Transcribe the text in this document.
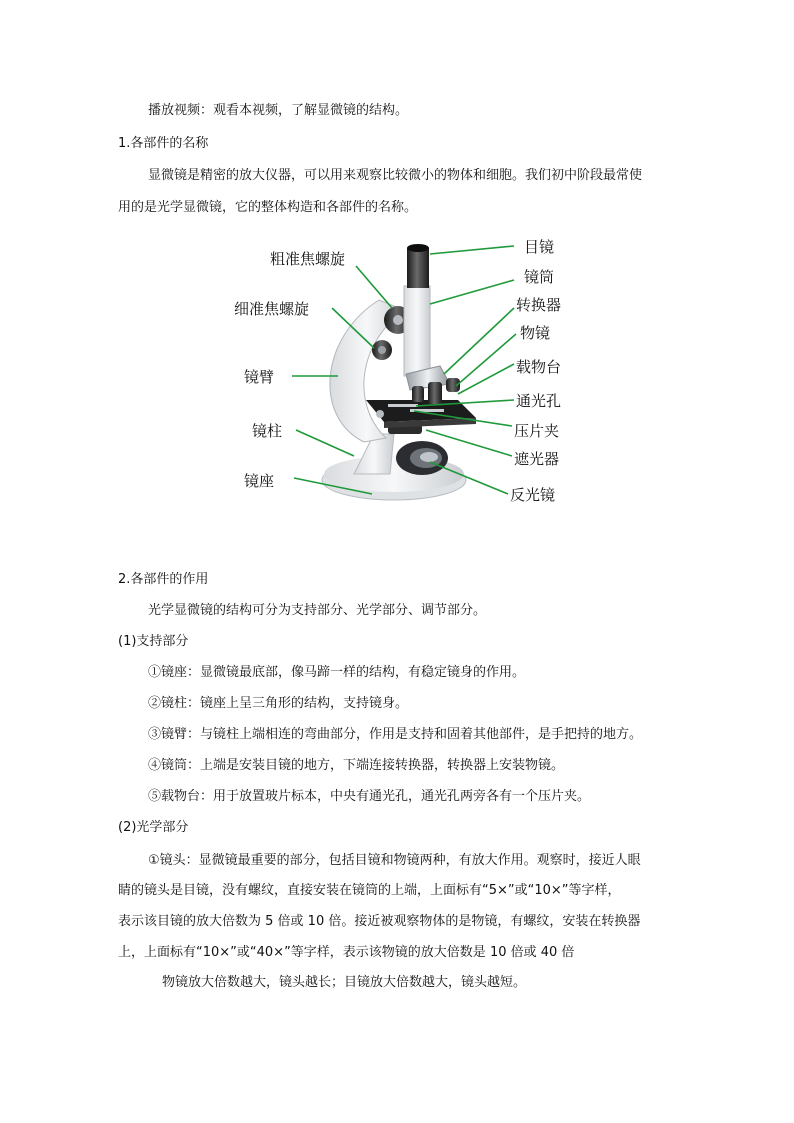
播放视频：观看本视频，了解显微镜的结构。
1.各部件的名称
显微镜是精密的放大仪器，可以用来观察比较微小的物体和细胞。我们初中阶段最常使
用的是光学显微镜，它的整体构造和各部件的名称。
粗准焦螺旋
细准焦螺旋
镜臂
镜柱
镜座
目镜
镜筒
转换器
物镜
载物台
通光孔
压片夹
遮光器
反光镜
2.各部件的作用
光学显微镜的结构可分为支持部分、光学部分、调节部分。
(1)支持部分
①镜座：显微镜最底部，像马蹄一样的结构，有稳定镜身的作用。
②镜柱：镜座上呈三角形的结构，支持镜身。
③镜臂：与镜柱上端相连的弯曲部分，作用是支持和固着其他部件，是手把持的地方。
④镜筒：上端是安装目镜的地方，下端连接转换器，转换器上安装物镜。
⑤载物台：用于放置玻片标本，中央有通光孔，通光孔两旁各有一个压片夹。
(2)光学部分
①镜头：显微镜最重要的部分，包括目镜和物镜两种，有放大作用。观察时，接近人眼
睛的镜头是目镜，没有螺纹，直接安装在镜筒的上端，上面标有“5×”或“10×”等字样，
表示该目镜的放大倍数为 5 倍或 10 倍。接近被观察物体的是物镜，有螺纹，安装在转换器
上，上面标有“10×”或“40×”等字样，表示该物镜的放大倍数是 10 倍或 40 倍
物镜放大倍数越大，镜头越长；目镜放大倍数越大，镜头越短。
